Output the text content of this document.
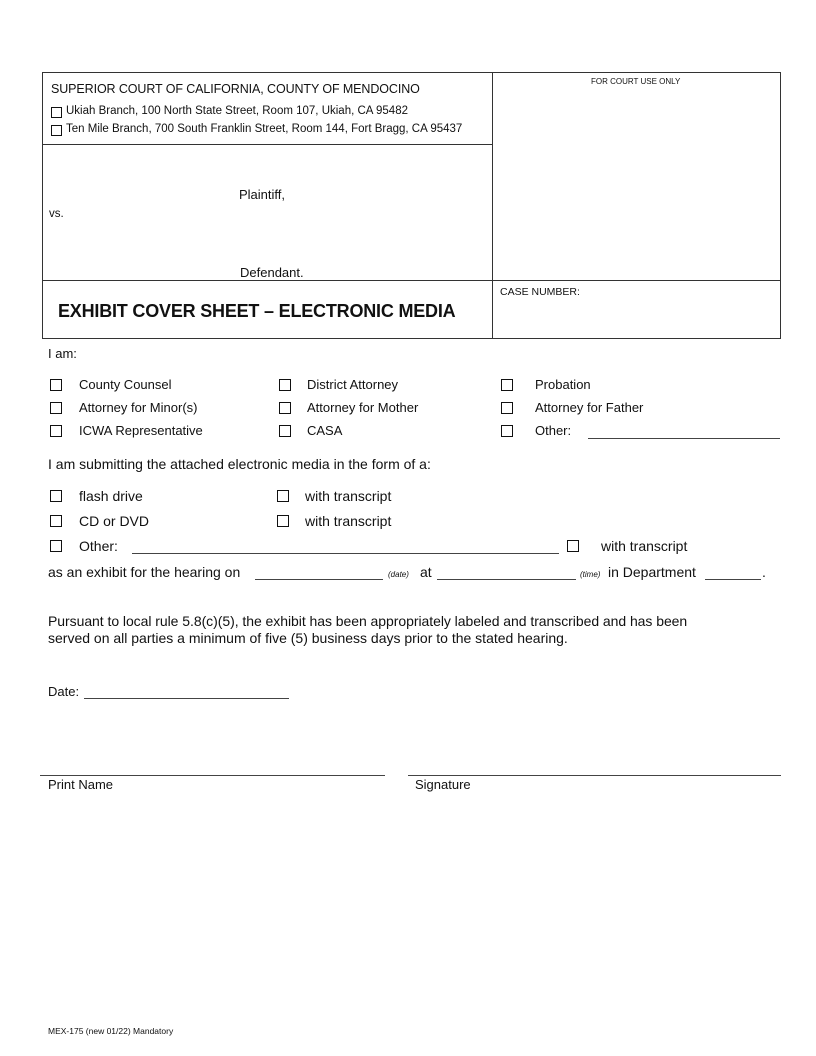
SUPERIOR COURT OF CALIFORNIA, COUNTY OF MENDOCINO
Ukiah Branch, 100 North State Street, Room 107, Ukiah, CA 95482
Ten Mile Branch, 700 South Franklin Street, Room 144, Fort Bragg, CA 95437
FOR COURT USE ONLY
Plaintiff,
vs.
Defendant.
EXHIBIT COVER SHEET – ELECTRONIC MEDIA
CASE NUMBER:
I am:
County Counsel	District Attorney	Probation
Attorney for Minor(s)	Attorney for Mother	Attorney for Father
ICWA Representative	CASA	Other:
I am submitting the attached electronic media in the form of a:
flash drive	with transcript
CD or DVD	with transcript
Other:	with transcript
as an exhibit for the hearing on	(date) at	(time) in Department	.
Pursuant to local rule 5.8(c)(5), the exhibit has been appropriately labeled and transcribed and has been
served on all parties a minimum of five (5) business days prior to the stated hearing.
Date:
Print Name	Signature
MEX-175 (new 01/22) Mandatory
